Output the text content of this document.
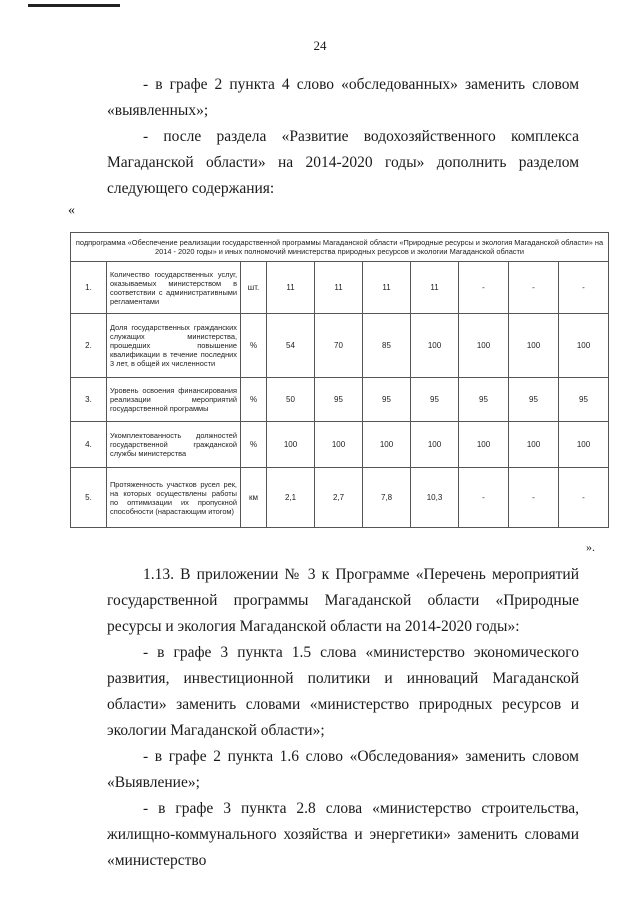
24
- в графе 2 пункта 4 слово «обследованных» заменить словом «выявленных»;
- после раздела «Развитие водохозяйственного комплекса Магаданской области» на 2014-2020 годы» дополнить разделом следующего содержания:
«
подпрограмма «Обеспечение реализации государственной программы Магаданской области «Природные ресурсы и экология Магаданской области» на 2014 - 2020 годы» и иных полномочий министерства природных ресурсов и экологии Магаданской области									
1.	Количество государственных услуг, оказываемых министерством в соответствии с административными регламентами	шт.	11	11	11	11	-	-	-
2.	Доля государственных гражданских служащих министерства, прошедших повышение квалификации в течение последних 3 лет, в общей их численности	%	54	70	85	100	100	100	100
3.	Уровень освоения финансирования реализации мероприятий государственной программы	%	50	95	95	95	95	95	95
4.	Укомплектованность должностей государственной гражданской службы министерства	%	100	100	100	100	100	100	100
5.	Протяженность участков русел рек, на которых осуществлены работы по оптимизации их пропускной способности (нарастающим итогом)	км	2,1	2,7	7,8	10,3	-	-	-
».
1.13. В приложении № 3 к Программе «Перечень мероприятий государственной программы Магаданской области «Природные ресурсы и экология Магаданской области на 2014-2020 годы»:
- в графе 3 пункта 1.5 слова «министерство экономического развития, инвестиционной политики и инноваций Магаданской области» заменить словами «министерство природных ресурсов и экологии Магаданской области»;
- в графе 2 пункта 1.6 слово «Обследования» заменить словом «Выявление»;
- в графе 3 пункта 2.8 слова «министерство строительства, жилищно-коммунального хозяйства и энергетики» заменить словами «министерство
